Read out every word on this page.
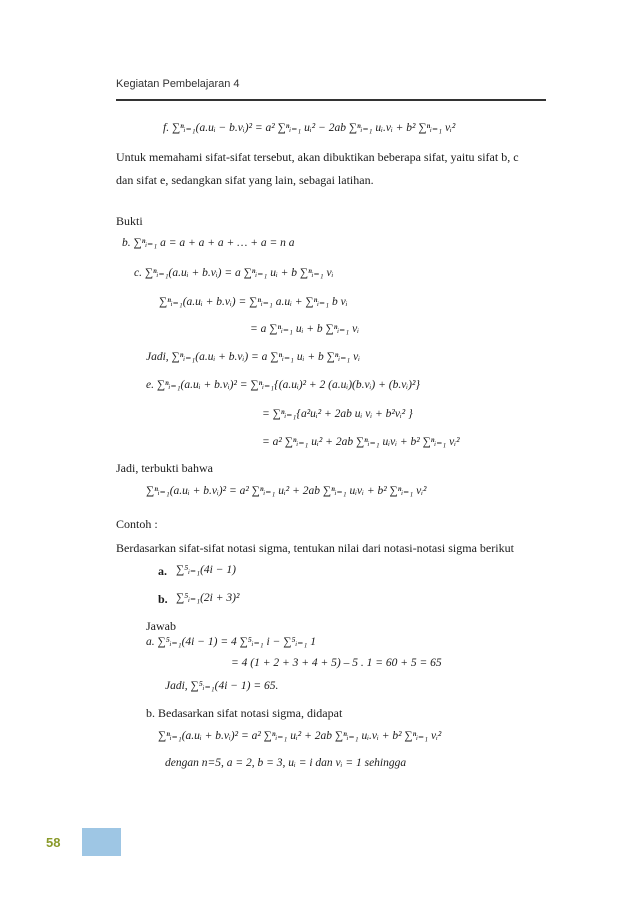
Kegiatan Pembelajaran 4
f. ∑ⁿᵢ₌₁(a.uᵢ − b.vᵢ)² = a² ∑ⁿᵢ₌₁ uᵢ² − 2ab ∑ⁿᵢ₌₁ uᵢ.vᵢ + b² ∑ⁿᵢ₌₁ vᵢ²
Untuk memahami sifat-sifat tersebut, akan dibuktikan beberapa sifat, yaitu sifat b, c
dan sifat e, sedangkan sifat yang lain, sebagai latihan.
Bukti
b. ∑ⁿᵢ₌₁ a = a + a + a + … + a = n a
c. ∑ⁿᵢ₌₁(a.uᵢ + b.vᵢ) = a ∑ⁿᵢ₌₁ uᵢ + b ∑ⁿᵢ₌₁ vᵢ
∑ⁿᵢ₌₁(a.uᵢ + b.vᵢ) = ∑ⁿᵢ₌₁ a.uᵢ + ∑ⁿᵢ₌₁ b vᵢ
= a ∑ⁿᵢ₌₁ uᵢ + b ∑ⁿᵢ₌₁ vᵢ
Jadi, ∑ⁿᵢ₌₁(a.uᵢ + b.vᵢ) = a ∑ⁿᵢ₌₁ uᵢ + b ∑ⁿᵢ₌₁ vᵢ
e. ∑ⁿᵢ₌₁(a.uᵢ + b.vᵢ)² = ∑ⁿᵢ₌₁{(a.uᵢ)² + 2 (a.uᵢ)(b.vᵢ) + (b.vᵢ)²}
= ∑ⁿᵢ₌₁{a²uᵢ² + 2ab uᵢ vᵢ + b²vᵢ² }
= a² ∑ⁿᵢ₌₁ uᵢ² + 2ab ∑ⁿᵢ₌₁ uᵢvᵢ + b² ∑ⁿᵢ₌₁ vᵢ²
Jadi, terbukti bahwa
∑ⁿᵢ₌₁(a.uᵢ + b.vᵢ)² = a² ∑ⁿᵢ₌₁ uᵢ² + 2ab ∑ⁿᵢ₌₁ uᵢvᵢ + b² ∑ⁿᵢ₌₁ vᵢ²
Contoh :
Berdasarkan sifat-sifat notasi sigma, tentukan nilai dari notasi-notasi sigma berikut
a. ∑⁵ᵢ₌₁(4i − 1)
b. ∑⁵ᵢ₌₁(2i + 3)²
Jawab
a. ∑⁵ᵢ₌₁(4i − 1) = 4 ∑⁵ᵢ₌₁ i − ∑⁵ᵢ₌₁ 1
= 4 (1 + 2 + 3 + 4 + 5) – 5 . 1 = 60 + 5 = 65
Jadi, ∑⁵ᵢ₌₁(4i − 1) = 65.
b. Bedasarkan sifat notasi sigma, didapat
∑ⁿᵢ₌₁(a.uᵢ + b.vᵢ)² = a² ∑ⁿᵢ₌₁ uᵢ² + 2ab ∑ⁿᵢ₌₁ uᵢ.vᵢ + b² ∑ⁿᵢ₌₁ vᵢ²
dengan n=5, a = 2, b = 3, uᵢ = i dan vᵢ = 1 sehingga
58
